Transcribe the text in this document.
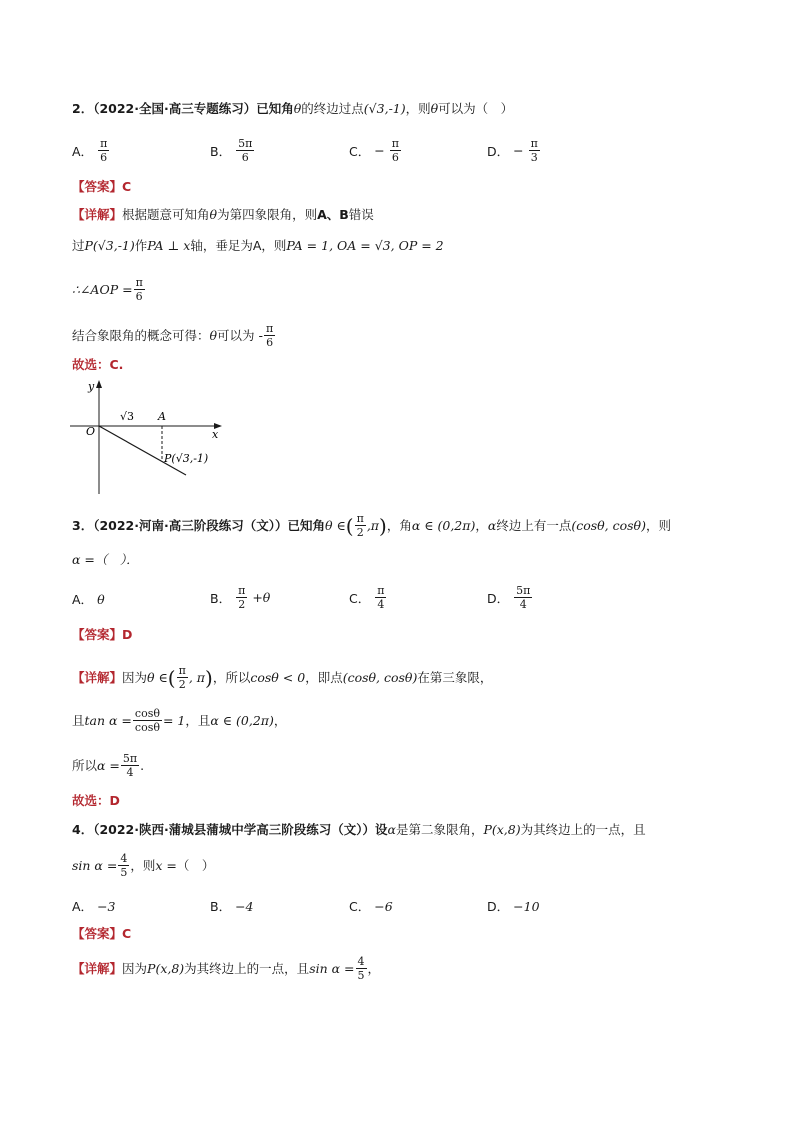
2．（2022·全国·高三专题练习）已知角θ的终边过点(√3,-1)，则θ可以为（　）
A． $\frac{\pi}{6}$	B． $\frac{5\pi}{6}$	C． − $\frac{\pi}{6}$	D． − $\frac{\pi}{3}$
【答案】C
【详解】根据题意可知角θ为第四象限角，则A、B错误
过P(√3,-1)作PA ⊥ x轴，垂足为A，则PA = 1, OA = √3, OP = 2
∴∠AOP = $\frac{\pi}{6}$
结合象限角的概念可得： θ 可以为 - $\frac{\pi}{6}$
故选：C.
y
x
O
√3 A
P(√3,-1)
3．（2022·河南·高三阶段练习（文））已知角 θ ∈ ( $\frac{\pi}{2} ,\pi$ ) ，角 α ∈ (0,2π) ， α 终边上有一点 (cosθ, cosθ) ，则
α =（　）．
A． θ	B． $\frac{\pi}{2} +\theta$	C． $\frac{\pi}{4}$	D． $\frac{5\pi}{4}$
【答案】D
【详解】 因为 θ ∈ ( $\frac{\pi}{2}$ , π ) ，所以 cosθ < 0 ，即点 (cosθ, cosθ) 在第三象限，
且 $\tan \alpha = \frac{\cos\theta}{\cos\theta} = 1$ ，且 α ∈ (0,2π) ，
所以 $\alpha = \frac{5\pi}{4}$ .
故选：D
4．（2022·陕西·蒲城县蒲城中学高三阶段练习（文））设α是第二象限角，P(x,8)为其终边上的一点，且
$\sin \alpha = \frac{4}{5}$ ，则 x = （　）
A． −3	B． −4	C． −6	D． −10
【答案】C
【详解】 因为 P(x,8) 为其终边上的一点，且 $\sin \alpha = \frac{4}{5}$ ，
